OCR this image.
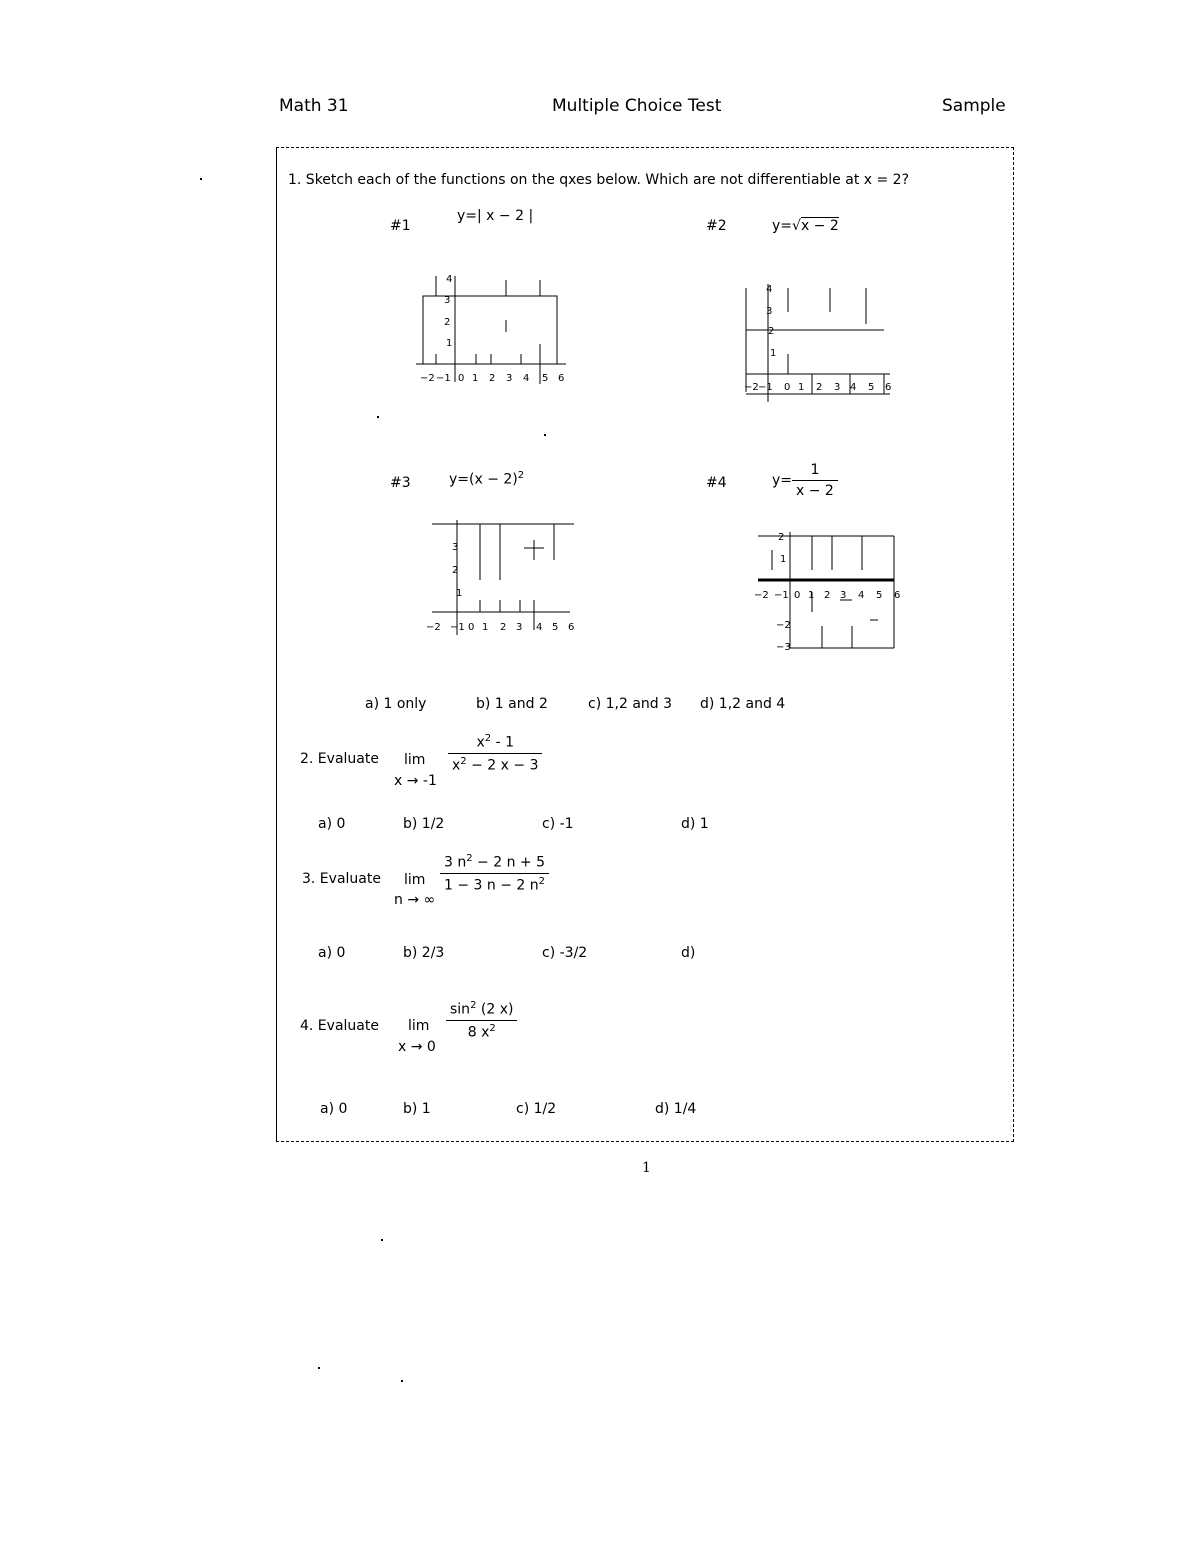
Math 31	Multiple Choice Test	Sample
1. Sketch each of the functions on the qxes below. Which are not differentiable at x = 2?
#1
y=| x − 2 |
#2	y=√x − 2
4
3
2
1
−2 −1 0 1 2 3 4 5 6
4
3
2
1
−2 −1 0 1 2 3 4 5 6
#3	$y=(x - 2)^2$	#4	$y= \frac{1}{x - 2}$
3
2
1
−2 −1 0 1 2 3 4 5 6
2
1
−2 −1 0 1 2 3 4 5 6
−2
−3
a) 1 only	b) 1 and 2	c) 1,2 and 3 d) 1,2 and 4
2. Evaluate lim
x → -1
$\frac{x^2 - 1}{x^2 - 2 x - 3}$
a) 0	b) 1/2	c) -1	d) 1
3. Evaluate lim
n → ∞
$\frac{3 n^2 - 2 n + 5}{1 - 3 n - 2 n^2}$
a) 0	b) 2/3	c) -3/2	d)
4. Evaluate lim
x → 0
$\frac{\sin^2 (2 x)}{8 x^2}$
a) 0	b) 1	c) 1/2	d) 1/4
1
